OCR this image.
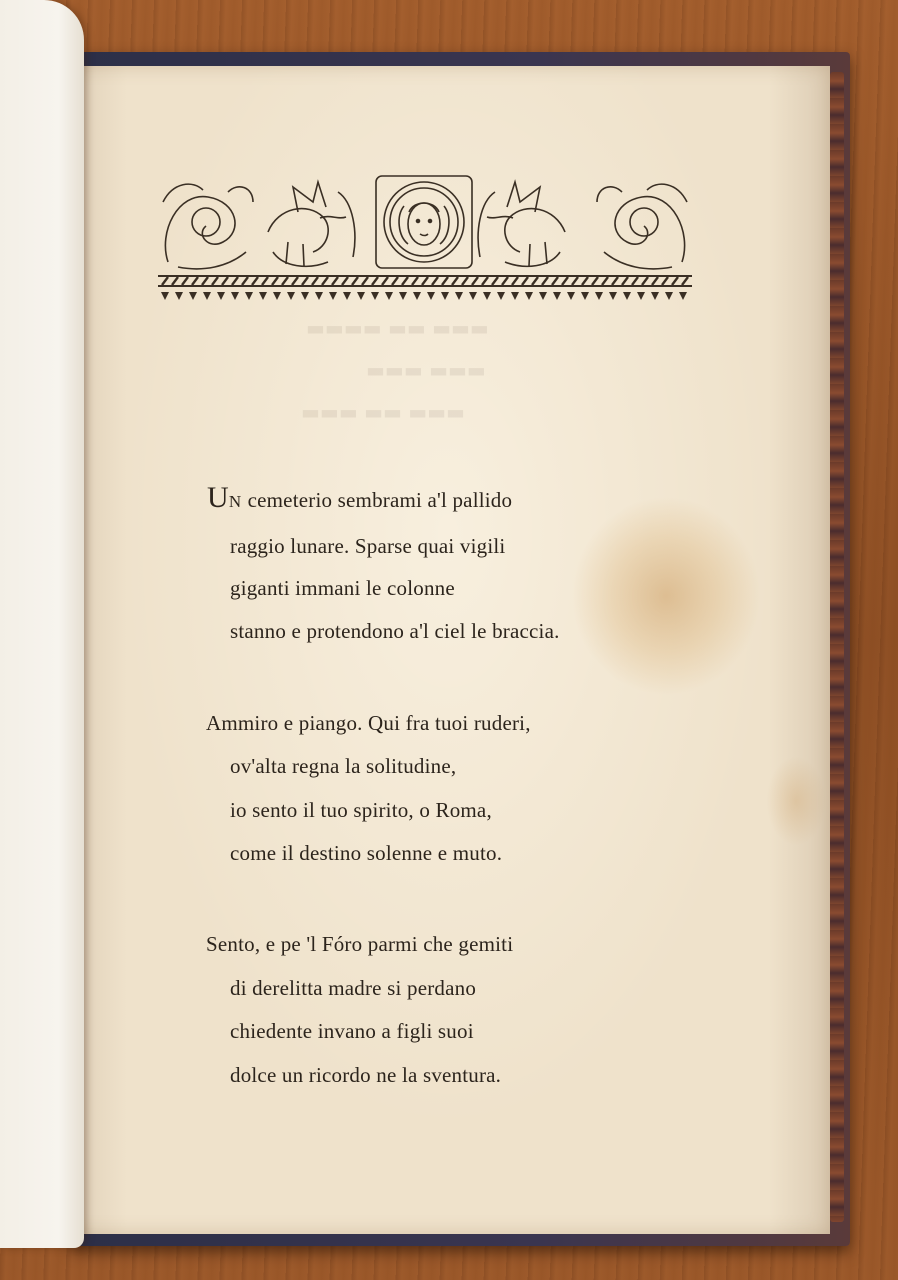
▬▬▬ ▬▬ ▬▬▬▬
▬▬▬ ▬▬▬
▬▬▬ ▬▬ ▬▬▬
UN cemeterio sembrami a'l pallido
raggio lunare. Sparse quai vigili
giganti immani le colonne
stanno e protendono a'l ciel le braccia.
Ammiro e piango. Qui fra tuoi ruderi,
ov'alta regna la solitudine,
io sento il tuo spirito, o Roma,
come il destino solenne e muto.
Sento, e pe 'l Fóro parmi che gemiti
di derelitta madre si perdano
chiedente invano a figli suoi
dolce un ricordo ne la sventura.
